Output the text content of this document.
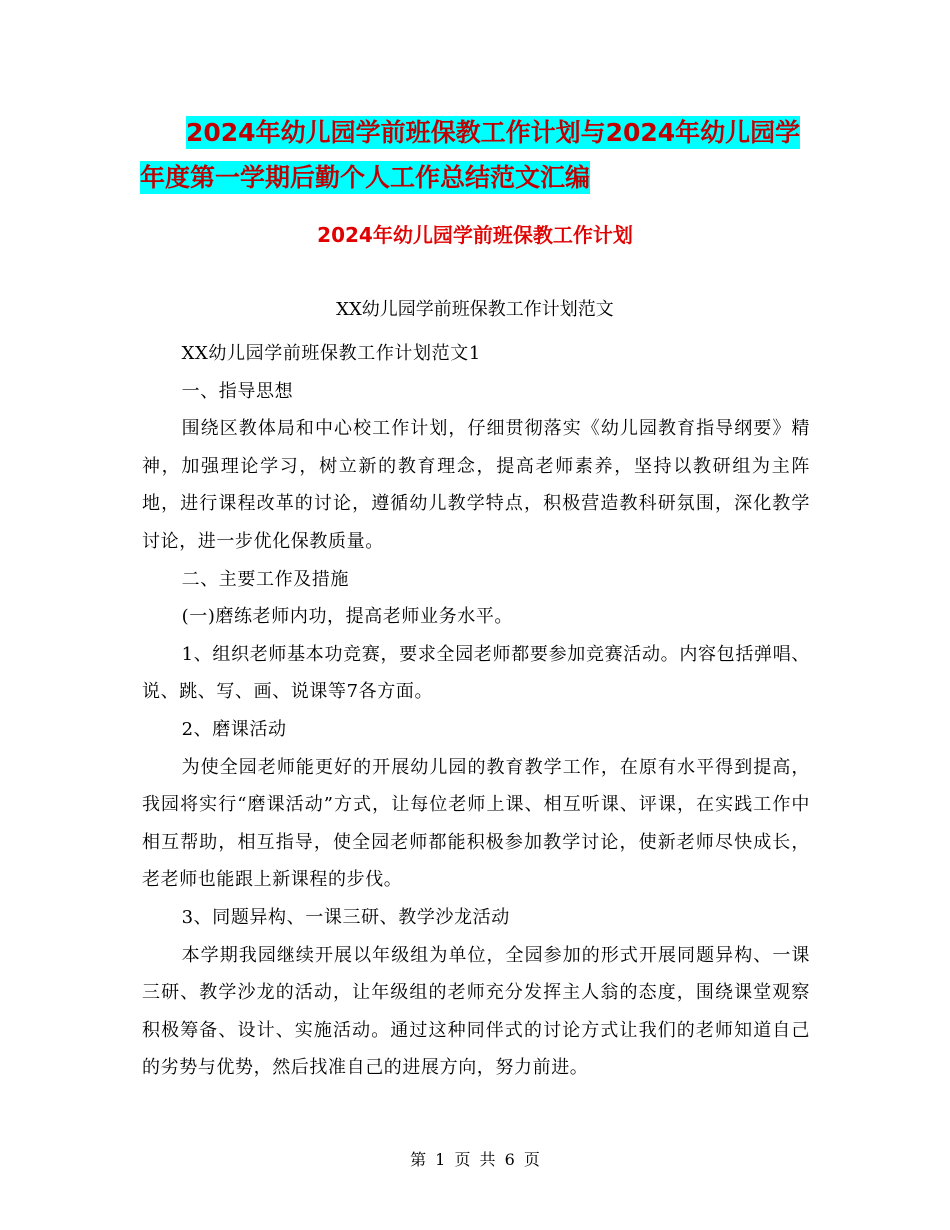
2024年幼儿园学前班保教工作计划与2024年幼儿园学
年度第一学期后勤个人工作总结范文汇编
2024年幼儿园学前班保教工作计划
XX幼儿园学前班保教工作计划范文

XX幼儿园学前班保教工作计划范文1

一、指导思想

围绕区教体局和中心校工作计划，仔细贯彻落实《幼儿园教育指导纲要》精神，加强理论学习，树立新的教育理念，提高老师素养，坚持以教研组为主阵地，进行课程改革的讨论，遵循幼儿教学特点，积极营造教科研氛围，深化教学讨论，进一步优化保教质量。

二、主要工作及措施

(一)磨练老师内功，提高老师业务水平。

1、组织老师基本功竞赛，要求全园老师都要参加竞赛活动。内容包括弹唱、说、跳、写、画、说课等7各方面。

2、磨课活动

为使全园老师能更好的开展幼儿园的教育教学工作，在原有水平得到提高，我园将实行“磨课活动”方式，让每位老师上课、相互听课、评课，在实践工作中相互帮助，相互指导，使全园老师都能积极参加教学讨论，使新老师尽快成长，老老师也能跟上新课程的步伐。

3、同题异构、一课三研、教学沙龙活动

本学期我园继续开展以年级组为单位，全园参加的形式开展同题异构、一课三研、教学沙龙的活动，让年级组的老师充分发挥主人翁的态度，围绕课堂观察积极筹备、设计、实施活动。通过这种同伴式的讨论方式让我们的老师知道自己的劣势与优势，然后找准自己的进展方向，努力前进。

第 1 页 共 6 页
